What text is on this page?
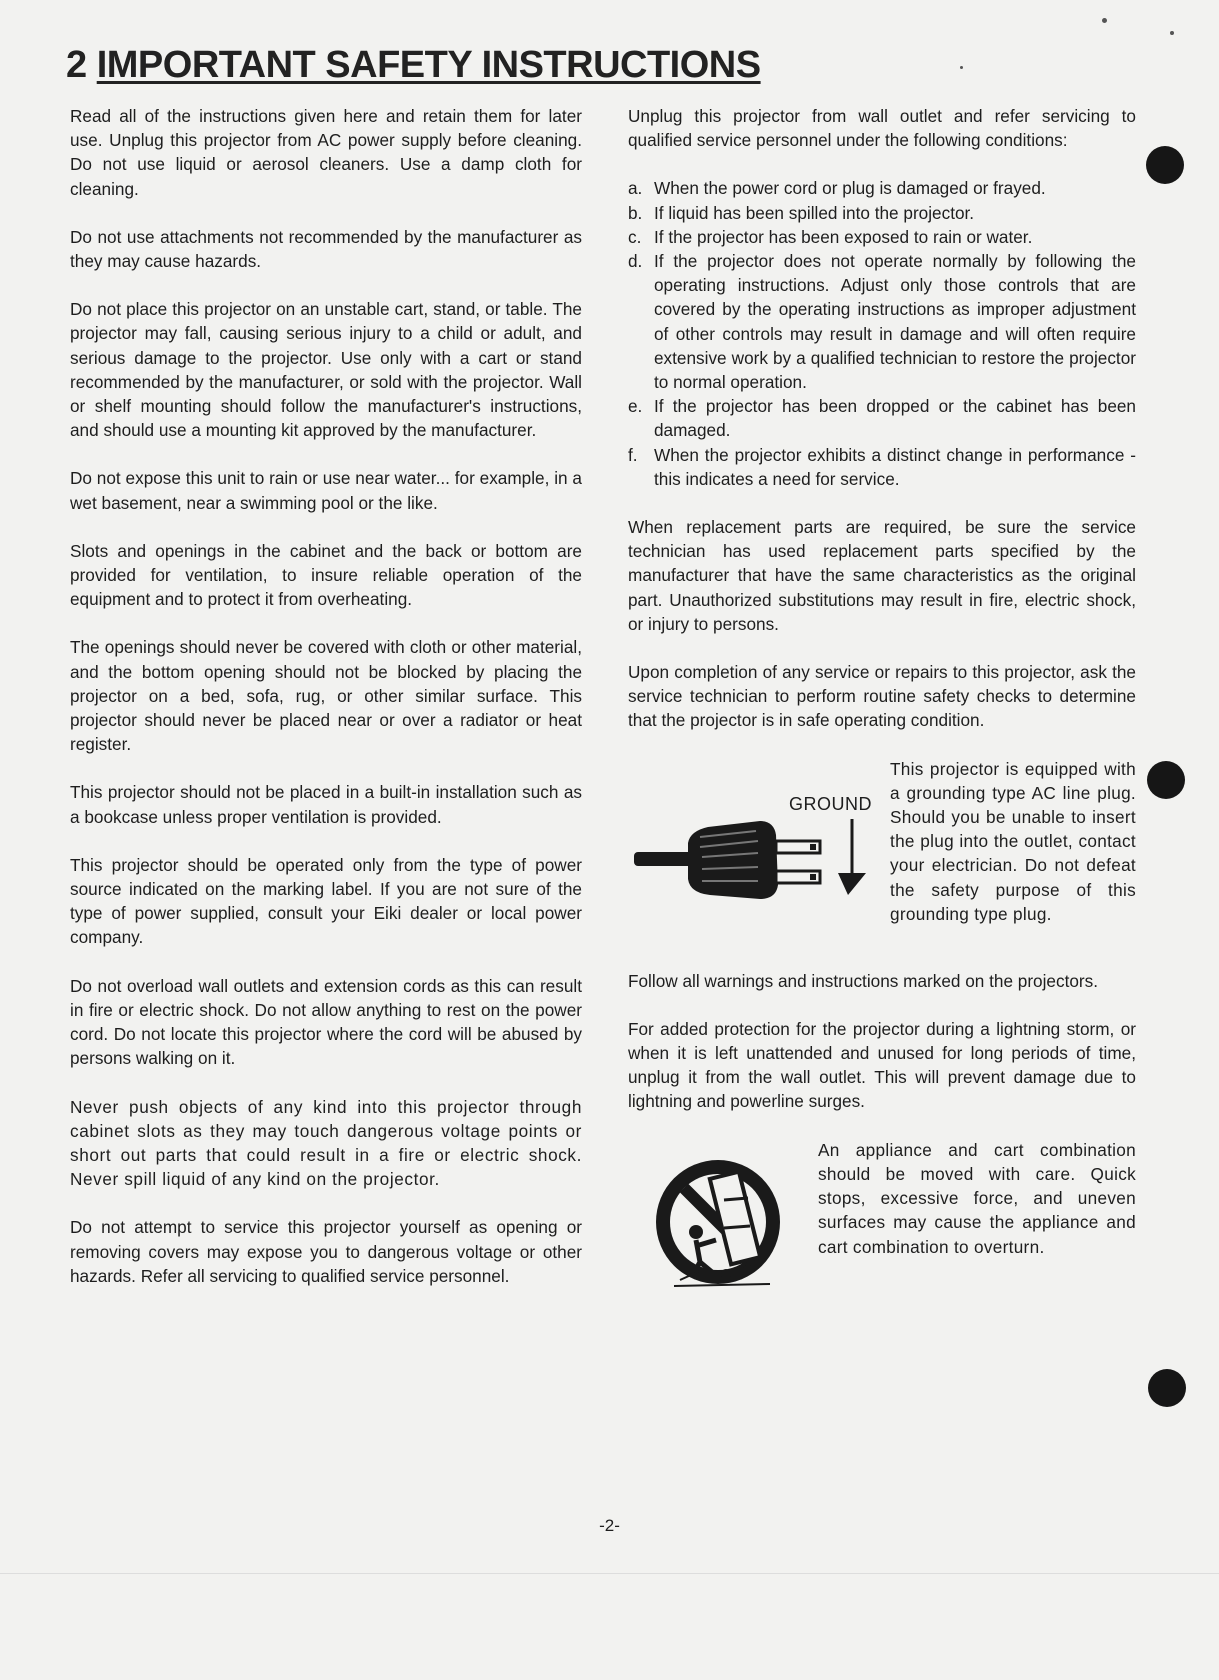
2 IMPORTANT SAFETY INSTRUCTIONS

Read all of the instructions given here and retain them for later use. Unplug this projector from AC power supply before cleaning. Do not use liquid or aerosol cleaners. Use a damp cloth for cleaning.

Do not use attachments not recommended by the manufacturer as they may cause hazards.

Do not place this projector on an unstable cart, stand, or table. The projector may fall, causing serious injury to a child or adult, and serious damage to the projector. Use only with a cart or stand recommended by the manufacturer, or sold with the projector. Wall or shelf mounting should follow the manufacturer's instructions, and should use a mounting kit approved by the manufacturer.

Do not expose this unit to rain or use near water... for example, in a wet basement, near a swimming pool or the like.

Slots and openings in the cabinet and the back or bottom are provided for ventilation, to insure reliable operation of the equipment and to protect it from overheating.

The openings should never be covered with cloth or other material, and the bottom opening should not be blocked by placing the projector on a bed, sofa, rug, or other similar surface. This projector should never be placed near or over a radiator or heat register.

This projector should not be placed in a built-in installation such as a bookcase unless proper ventilation is provided.

This projector should be operated only from the type of power source indicated on the marking label. If you are not sure of the type of power supplied, consult your Eiki dealer or local power company.

Do not overload wall outlets and extension cords as this can result in fire or electric shock. Do not allow anything to rest on the power cord. Do not locate this projector where the cord will be abused by persons walking on it.

Never push objects of any kind into this projector through cabinet slots as they may touch dangerous voltage points or short out parts that could result in a fire or electric shock. Never spill liquid of any kind on the projector.

Do not attempt to service this projector yourself as opening or removing covers may expose you to dangerous voltage or other hazards. Refer all servicing to qualified service personnel.

Unplug this projector from wall outlet and refer servicing to qualified service personnel under the following conditions:

a. When the power cord or plug is damaged or frayed.
b. If liquid has been spilled into the projector.
c. If the projector has been exposed to rain or water.
d. If the projector does not operate normally by following the operating instructions. Adjust only those controls that are covered by the operating instructions as improper adjustment of other controls may result in damage and will often require extensive work by a qualified technician to restore the projector to normal operation.
e. If the projector has been dropped or the cabinet has been damaged.
f. When the projector exhibits a distinct change in performance - this indicates a need for service.

When replacement parts are required, be sure the service technician has used replacement parts specified by the manufacturer that have the same characteristics as the original part. Unauthorized substitutions may result in fire, electric shock, or injury to persons.

Upon completion of any service or repairs to this projector, ask the service technician to perform routine safety checks to determine that the projector is in safe operating condition.

GROUND
This projector is equipped with a grounding type AC line plug. Should you be unable to insert the plug into the outlet, contact your electrician. Do not defeat the safety purpose of this grounding type plug.

Follow all warnings and instructions marked on the projectors.

For added protection for the projector during a lightning storm, or when it is left unattended and unused for long periods of time, unplug it from the wall outlet. This will prevent damage due to lightning and powerline surges.

An appliance and cart combination should be moved with care. Quick stops, excessive force, and uneven surfaces may cause the appliance and cart combination to overturn.
-2-
